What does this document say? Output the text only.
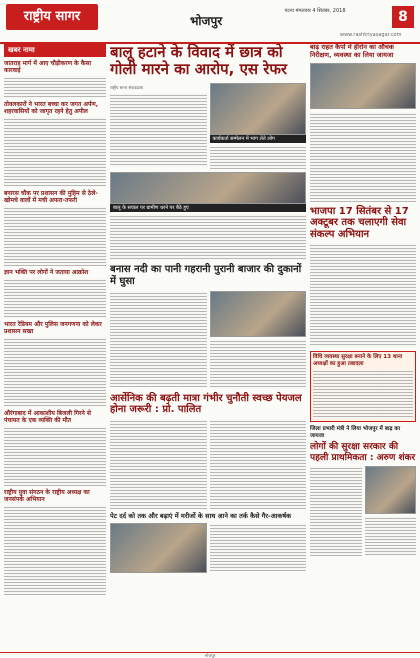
राष्ट्रीय सागर	भोजपुर
पटना मंगलवार 4 सितंबर, 2018	8
www.rashtriyasagar.com
खबर नामा
जातराह मार्ग में आए चौड़ीकरण के कैसा कारवाई
तोवलकारों ने भारत बच्चा कर जगत अर्पण, शहरवासियों को जागृत रहने हेतु अपील
बनारस चौक पर प्रशासन की मुहिम से ठेले-खोमचे वालों में मची अफरा-तफरी
ज्ञान भक्ति पर लोगों ने जताया आक्रोश
भारत रेडियम और पुलिस जनगणना को लेकर प्रशासन सख्त
औरंगाबाद में आकाशीय बिजली गिरने से पंचायत के एक व्यक्ति की मौत
राष्ट्रीय युवा संगठन के राष्ट्रीय अध्यक्ष का जनसंपर्क अभियान
बालू हटाने के विवाद में छात्र को गोली मारने का आरोप, एस रेफर
राष्ट्रीय सागर संवाददाता
कार्यकर्ता सम्मेलन में भाग लेते लोग
बालू के सवाल पर ग्रामीण धरने पर बैठे हुए
बनास नदी का पानी गहरानी पुरानी बाजार की दुकानों में घुसा
आर्सेनिक की बढ़ती मात्रा गंभीर चुनौती स्वच्छ पेयजल होना जरूरी : प्रो. पालित
पेट दर्द को तक और बढ़ाएं में मरीजों के साथ आने का तर्क कैसे गैर-आकर्षक
बाढ़ राहत कैंपों में हीरोन का औचक निरीक्षण, व्यवस्था का लिया जायजा
भाजपा 17 सितंबर से 17 अक्टूबर तक चलाएगी सेवा संकल्प अभियान
विधि व्यवस्था सुरक्षा बनाने के लिए 13 थाना अध्यक्षों का हुआ तबादला
जिला प्रभारी मंत्री ने लिया भोजपुर में बाढ़ का जायजा
लोगों की सुरक्षा सरकार की पहली प्राथमिकता : अरुण शंकर
भोजपुर
